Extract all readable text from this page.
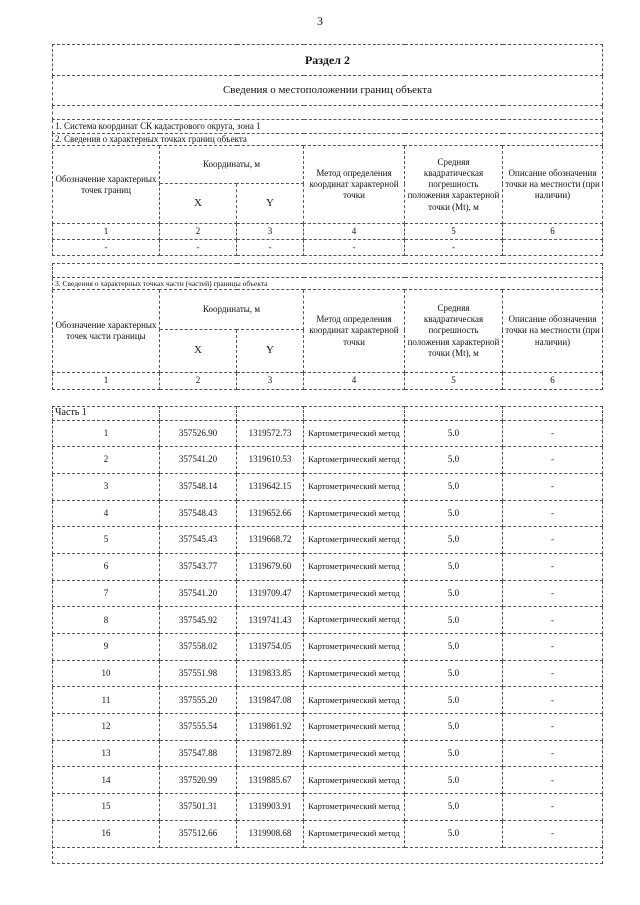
3
Раздел 2					
Сведения о местоположении границ объекта					

1. Система координат СК кадастрового округа, зона 1					
2. Сведения о характерных точках границ объекта					
Обозначение характерных точек границ	Координаты, м		Метод определения координат характерной точки	Средняя квадратическая погрешность положения характерной точки (Mt), м	Описание обозначения точки на местности (при наличии)
	X	Y			
1	2	3	4	5	6
-	-	-	-	-	

3. Сведения о характерных точках части (частей) границы объекта					
Обозначение характерных точек части границы	Координаты, м		Метод определения координат характерной точки	Средняя квадратическая погрешность положения характерной точки (Mt), м	Описание обозначения точки на местности (при наличии)
	X	Y			
1	2	3	4	5	6
Часть 1					
1	357526.90	1319572.73	Картометрический метод	5.0	-
2	357541.20	1319610.53	Картометрический метод	5.0	-
3	357548.14	1319642.15	Картометрический метод	5.0	-
4	357548.43	1319652.66	Картометрический метод	5.0	-
5	357545.43	1319668.72	Картометрический метод	5.0	-
6	357543.77	1319679.60	Картометрический метод	5.0	-
7	357541.20	1319709.47	Картометрический метод	5.0	-
8	357545.92	1319741.43	Картометрический метод	5.0	-
9	357558.02	1319754.05	Картометрический метод	5.0	-
10	357551.98	1319833.85	Картометрический метод	5.0	-
11	357555.20	1319847.08	Картометрический метод	5.0	-
12	357555.54	1319861.92	Картометрический метод	5.0	-
13	357547.88	1319872.89	Картометрический метод	5.0	-
14	357520.99	1319885.67	Картометрический метод	5.0	-
15	357501.31	1319903.91	Картометрический метод	5.0	-
16	357512.66	1319908.68	Картометрический метод	5.0	-
